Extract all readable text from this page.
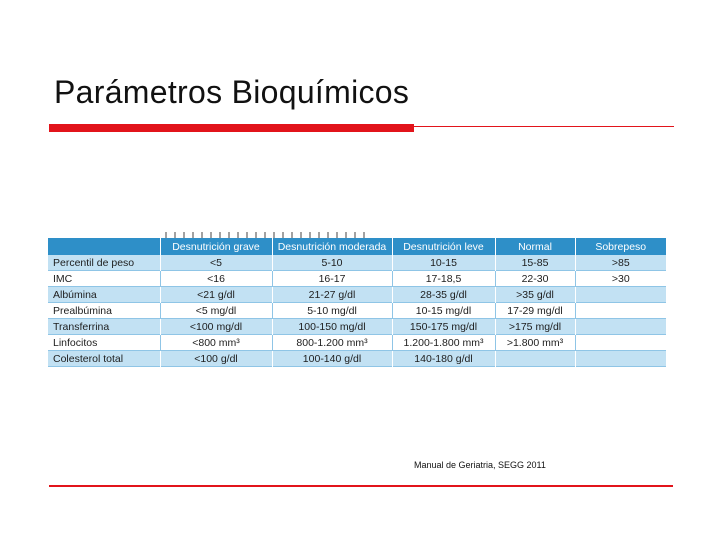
Parámetros Bioquímicos
	Desnutrición grave	Desnutrición moderada	Desnutrición leve	Normal	Sobrepeso
Percentil de peso	<5	5-10	10-15	15-85	>85
IMC	<16	16-17	17-18,5	22-30	>30
Albúmina	<21 g/dl	21-27 g/dl	28-35 g/dl	>35 g/dl	
Prealbúmina	<5 mg/dl	5-10 mg/dl	10-15 mg/dl	17-29 mg/dl	
Transferrina	<100 mg/dl	100-150 mg/dl	150-175 mg/dl	>175 mg/dl	
Linfocitos	<800 mm³	800-1.200 mm³	1.200-1.800 mm³	>1.800 mm³	
Colesterol total	<100 g/dl	100-140 g/dl	140-180 g/dl		
Manual de Geriatria, SEGG 2011
